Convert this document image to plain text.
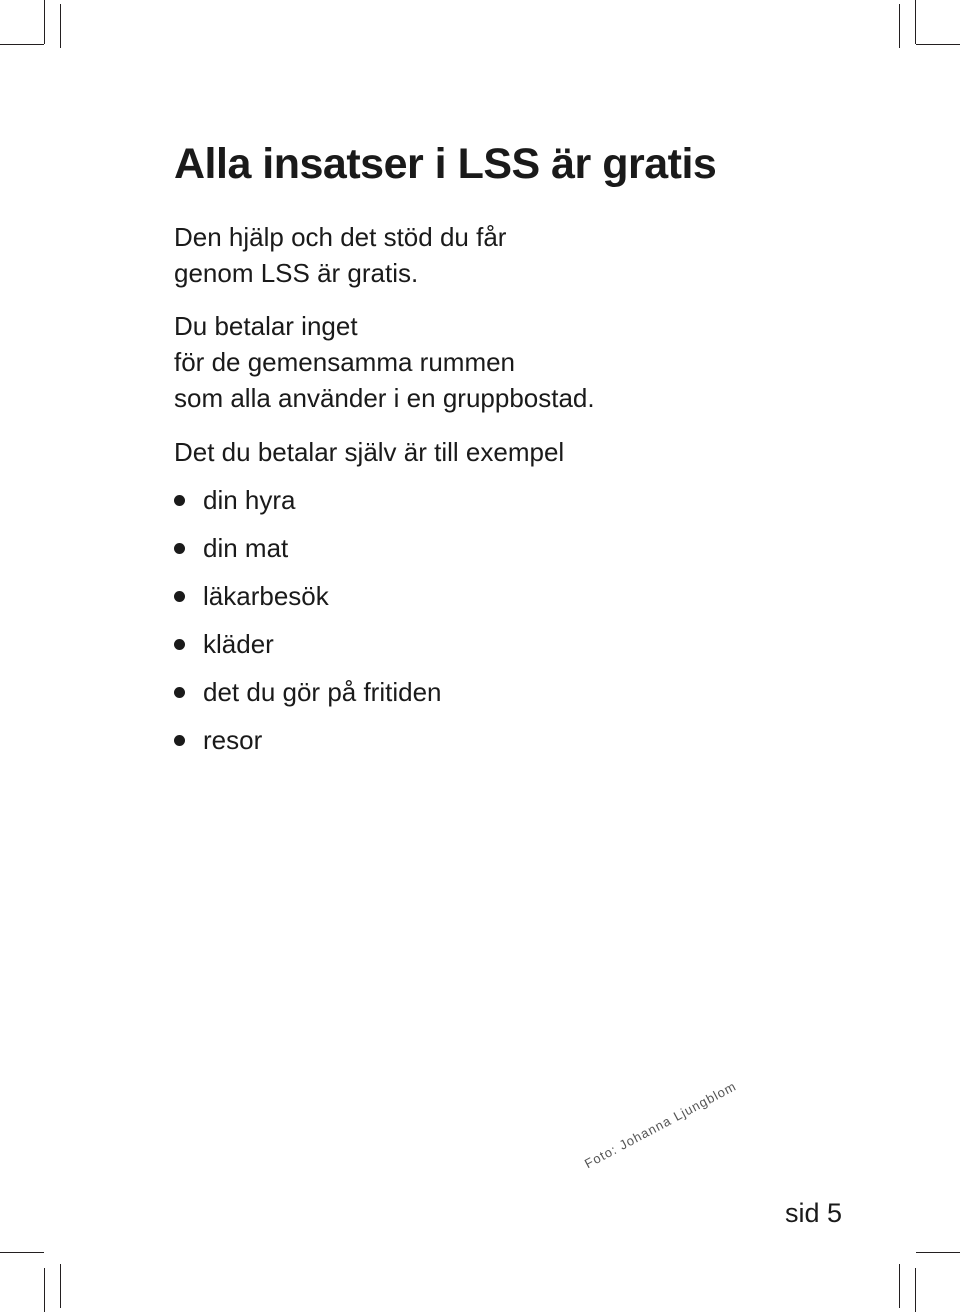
Alla insatser i LSS är gratis

Den hjälp och det stöd du får
genom LSS är gratis.

Du betalar inget
för de gemensamma rummen
som alla använder i en gruppbostad.

Det du betalar själv är till exempel

din hyra
din mat
läkarbesök
kläder
det du gör på fritiden
resor
Foto: Johanna Ljungblom
sid 5
